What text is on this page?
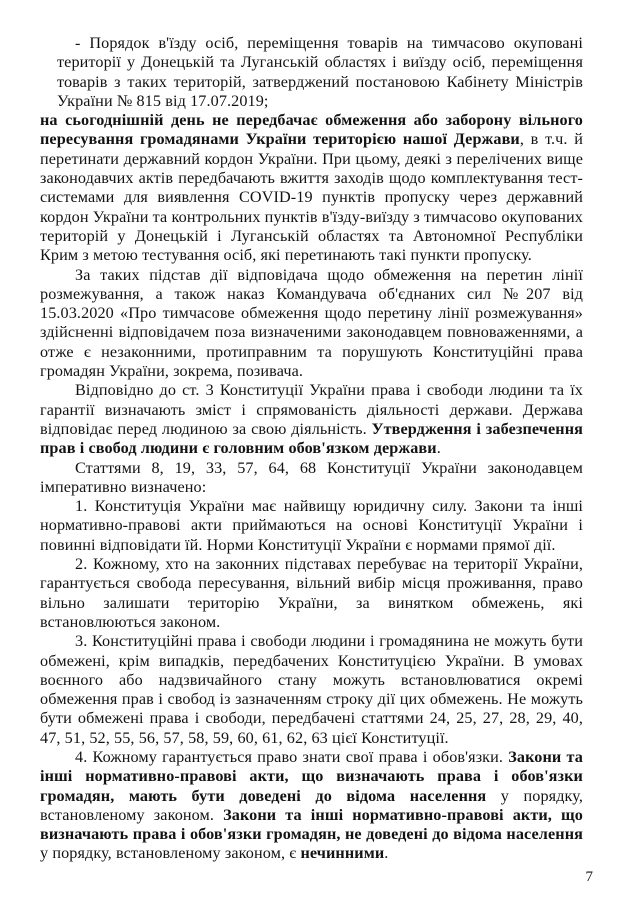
- Порядок в'їзду осіб, переміщення товарів на тимчасово окуповані території у Донецькій та Луганській областях і виїзду осіб, переміщення товарів з таких територій, затверджений постановою Кабінету Міністрів України № 815 від 17.07.2019;

на сьогоднішній день не передбачає обмеження або заборону вільного пересування громадянами України територією нашої Держави, в т.ч. й перетинати державний кордон України. При цьому, деякі з перелічених вище законодавчих актів передбачають вжиття заходів щодо комплектування тест-системами для виявлення COVID-19 пунктів пропуску через державний кордон України та контрольних пунктів в'їзду-виїзду з тимчасово окупованих територій у Донецькій і Луганській областях та Автономної Республіки Крим з метою тестування осіб, які перетинають такі пункти пропуску.

За таких підстав дії відповідача щодо обмеження на перетин лінії розмежування, а також наказ Командувача об'єднаних сил №207 від 15.03.2020 «Про тимчасове обмеження щодо перетину лінії розмежування» здійсненні відповідачем поза визначеними законодавцем повноваженнями, а отже є незаконними, протиправним та порушують Конституційні права громадян України, зокрема, позивача.

Відповідно до ст. 3 Конституції України права і свободи людини та їх гарантії визначають зміст і спрямованість діяльності держави. Держава відповідає перед людиною за свою діяльність. Утвердження і забезпечення прав і свобод людини є головним обов'язком держави.

Статтями 8, 19, 33, 57, 64, 68 Конституції України законодавцем імперативно визначено:

1. Конституція України має найвищу юридичну силу. Закони та інші нормативно-правові акти приймаються на основі Конституції України і повинні відповідати їй. Норми Конституції України є нормами прямої дії.

2. Кожному, хто на законних підставах перебуває на території України, гарантується свобода пересування, вільний вибір місця проживання, право вільно залишати територію України, за винятком обмежень, які встановлюються законом.

3. Конституційні права і свободи людини і громадянина не можуть бути обмежені, крім випадків, передбачених Конституцією України. В умовах воєнного або надзвичайного стану можуть встановлюватися окремі обмеження прав і свобод із зазначенням строку дії цих обмежень. Не можуть бути обмежені права і свободи, передбачені статтями 24, 25, 27, 28, 29, 40, 47, 51, 52, 55, 56, 57, 58, 59, 60, 61, 62, 63 цієї Конституції.

4. Кожному гарантується право знати свої права і обов'язки. Закони та інші нормативно-правові акти, що визначають права і обов'язки громадян, мають бути доведені до відома населення у порядку, встановленому законом. Закони та інші нормативно-правові акти, що визначають права і обов'язки громадян, не доведені до відома населення у порядку, встановленому законом, є нечинними.

7
